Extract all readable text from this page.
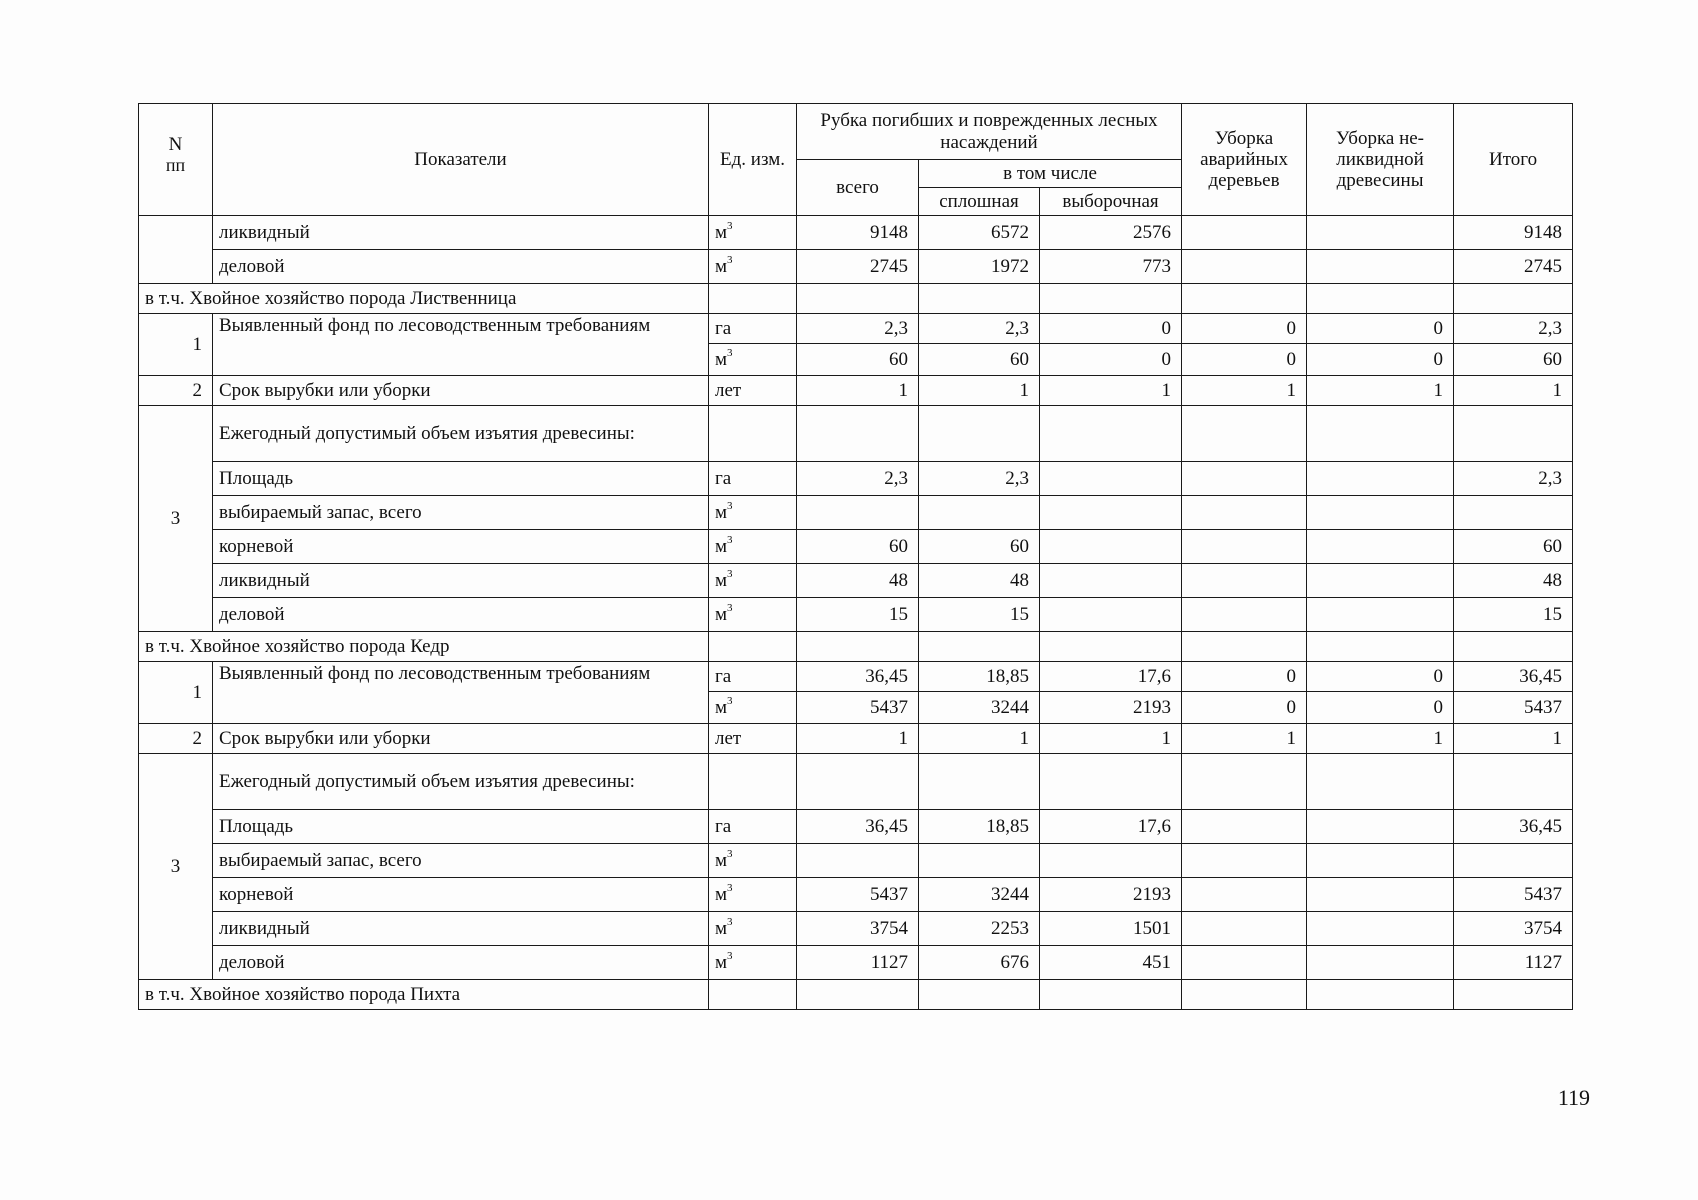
N
пп	Показатели	Ед. изм.	Рубка погибших и поврежденных лесных насаждений			Уборка аварийных деревьев	Уборка не-ликвидной древесины	Итого
			всего	в том числе				
				сплошная	выборочная			
	ликвидный	$м^3$	9148	6572	2576			9148
	деловой	$м^3$	2745	1972	773			2745
в т.ч. Хвойное хозяйство порода Лиственница								
1	Выявленный фонд по лесоводственным требованиям	га	2,3	2,3	0	0	0	2,3
		$м^3$	60	60	0	0	0	60
2	Срок вырубки или уборки	лет	1	1	1	1	1	1
3	Ежегодный допустимый объем изъятия древесины:							
	Площадь	га	2,3	2,3				2,3
	выбираемый запас, всего	$м^3$						
	корневой	$м^3$	60	60				60
	ликвидный	$м^3$	48	48				48
	деловой	$м^3$	15	15				15
в т.ч. Хвойное хозяйство порода Кедр								
1	Выявленный фонд по лесоводственным требованиям	га	36,45	18,85	17,6	0	0	36,45
		$м^3$	5437	3244	2193	0	0	5437
2	Срок вырубки или уборки	лет	1	1	1	1	1	1
3	Ежегодный допустимый объем изъятия древесины:							
	Площадь	га	36,45	18,85	17,6			36,45
	выбираемый запас, всего	$м^3$						
	корневой	$м^3$	5437	3244	2193			5437
	ликвидный	$м^3$	3754	2253	1501			3754
	деловой	$м^3$	1127	676	451			1127
в т.ч. Хвойное хозяйство порода Пихта								
119
